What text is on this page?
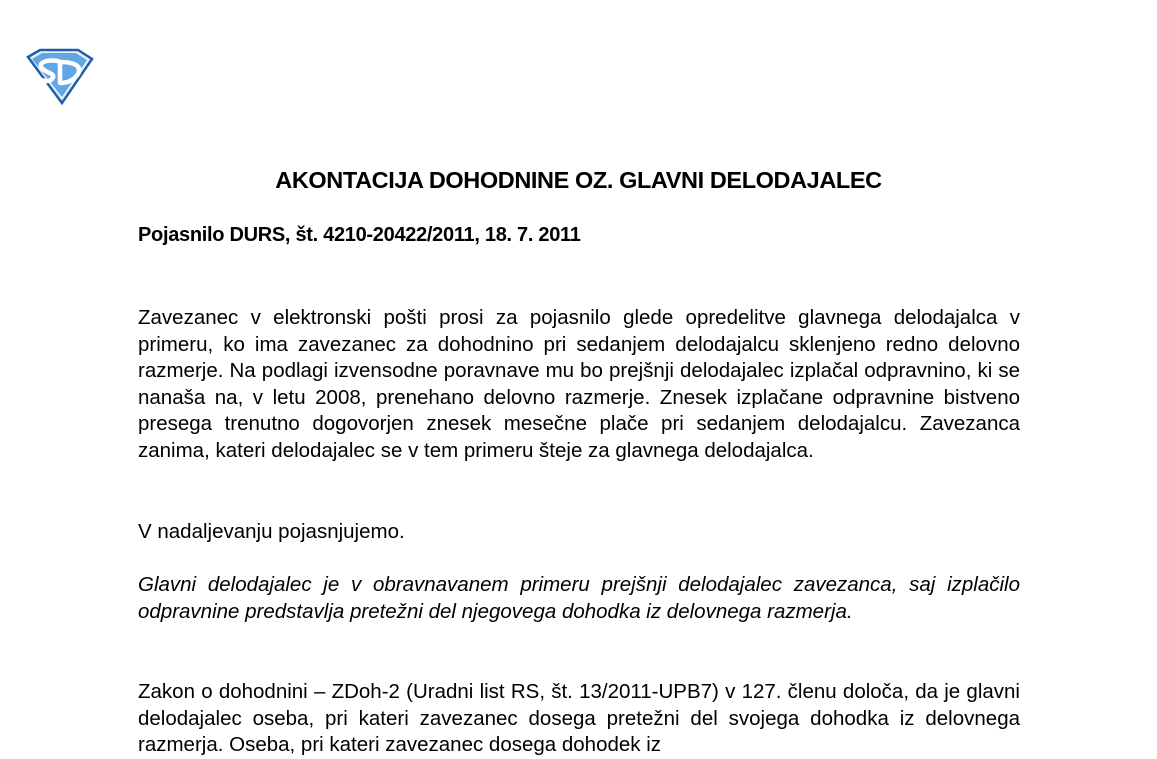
AKONTACIJA DOHODNINE OZ. GLAVNI DELODAJALEC
Pojasnilo DURS, št. 4210-20422/2011, 18. 7. 2011
Zavezanec v elektronski pošti prosi za pojasnilo glede opredelitve glavnega delodajalca v primeru, ko ima zavezanec za dohodnino pri sedanjem delodajalcu sklenjeno redno delovno razmerje. Na podlagi izvensodne poravnave mu bo prejšnji delodajalec izplačal odpravnino, ki se nanaša na, v letu 2008, prenehano delovno razmerje. Znesek izplačane odpravnine bistveno presega trenutno dogovorjen znesek mesečne plače pri sedanjem delodajalcu. Zavezanca zanima, kateri delodajalec se v tem primeru šteje za glavnega delodajalca.
V nadaljevanju pojasnjujemo.
Glavni delodajalec je v obravnavanem primeru prejšnji delodajalec zavezanca, saj izplačilo odpravnine predstavlja pretežni del njegovega dohodka iz delovnega razmerja.
Zakon o dohodnini – ZDoh-2 (Uradni list RS, št. 13/2011-UPB7) v 127. členu določa, da je glavni delodajalec oseba, pri kateri zavezanec dosega pretežni del svojega dohodka iz delovnega razmerja. Oseba, pri kateri zavezanec dosega dohodek iz
